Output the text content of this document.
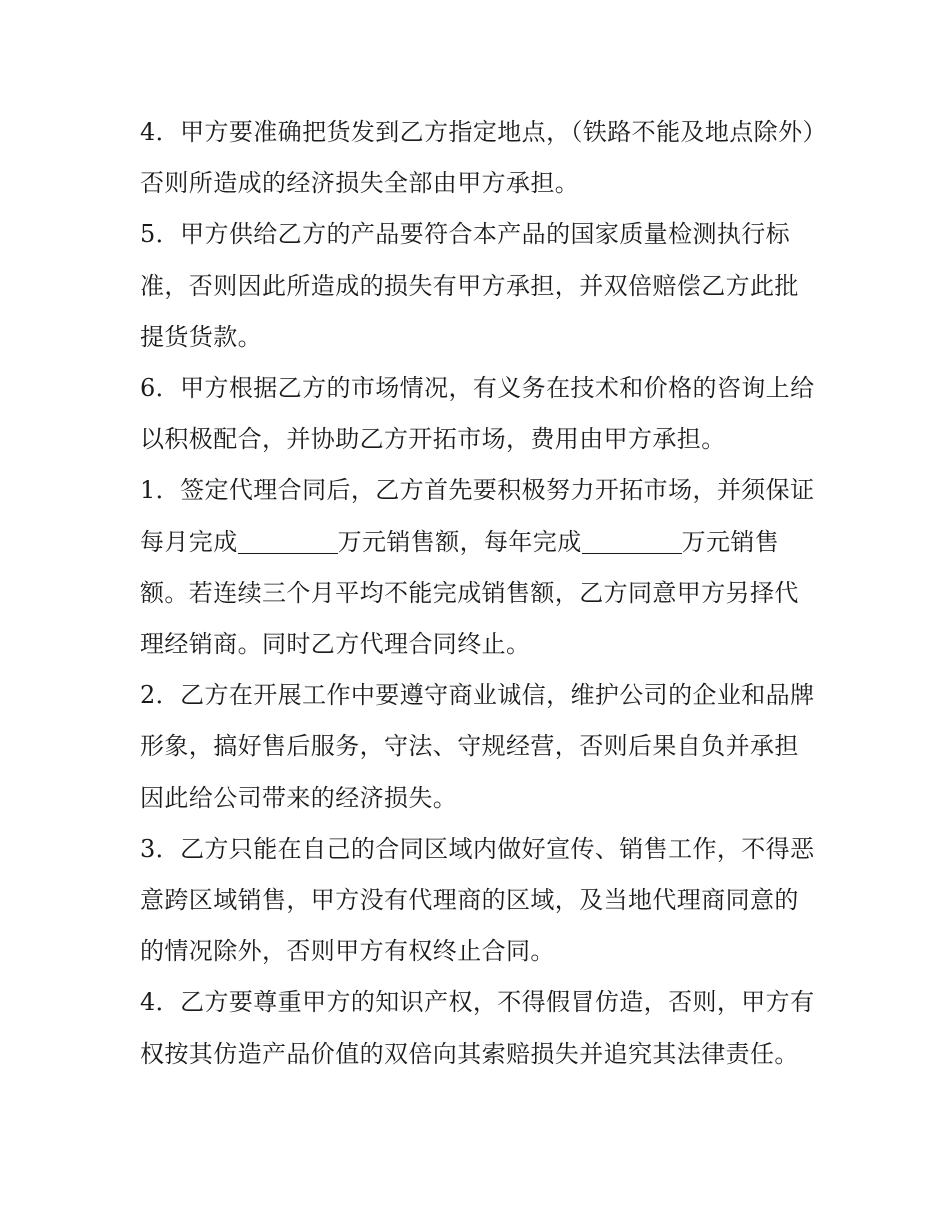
4．甲方要准确把货发到乙方指定地点，（铁路不能及地点除外）否则所造成的经济损失全部由甲方承担。

5．甲方供给乙方的产品要符合本产品的国家质量检测执行标准，否则因此所造成的损失有甲方承担，并双倍赔偿乙方此批提货货款。

6．甲方根据乙方的市场情况，有义务在技术和价格的咨询上给以积极配合，并协助乙方开拓市场，费用由甲方承担。

1．签定代理合同后，乙方首先要积极努力开拓市场，并须保证每月完成	万元销售额，每年完成	万元销售额。若连续三个月平均不能完成销售额，乙方同意甲方另择代理经销商。同时乙方代理合同终止。

2．乙方在开展工作中要遵守商业诚信，维护公司的企业和品牌形象，搞好售后服务，守法、守规经营，否则后果自负并承担因此给公司带来的经济损失。

3．乙方只能在自己的合同区域内做好宣传、销售工作，不得恶意跨区域销售，甲方没有代理商的区域，及当地代理商同意的的情况除外，否则甲方有权终止合同。

4．乙方要尊重甲方的知识产权，不得假冒仿造，否则，甲方有权按其仿造产品价值的双倍向其索赔损失并追究其法律责任。
